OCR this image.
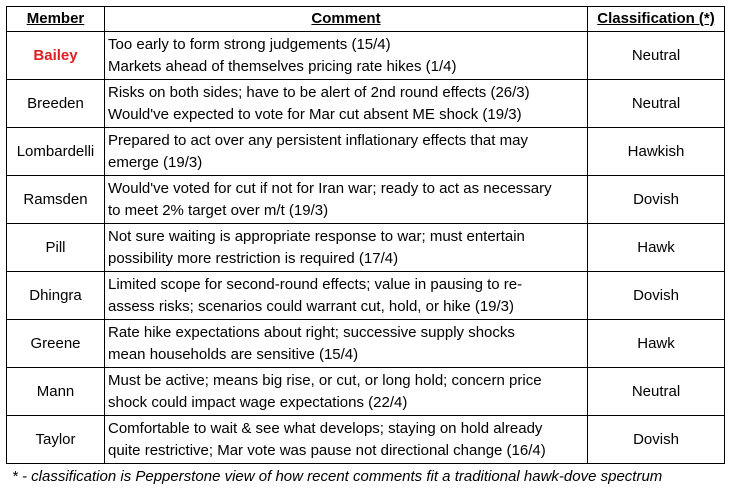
Member	Comment	Classification (*)
Bailey	Too early to form strong judgements (15/4)
Markets ahead of themselves pricing rate hikes (1/4)	Neutral
Breeden	Risks on both sides; have to be alert of 2nd round effects (26/3)
Would've expected to vote for Mar cut absent ME shock (19/3)	Neutral
Lombardelli	Prepared to act over any persistent inflationary effects that may
emerge (19/3)	Hawkish
Ramsden	Would've voted for cut if not for Iran war; ready to act as necessary
to meet 2% target over m/t (19/3)	Dovish
Pill	Not sure waiting is appropriate response to war; must entertain
possibility more restriction is required (17/4)	Hawk
Dhingra	Limited scope for second-round effects; value in pausing to re-
assess risks; scenarios could warrant cut, hold, or hike (19/3)	Dovish
Greene	Rate hike expectations about right; successive supply shocks
mean households are sensitive (15/4)	Hawk
Mann	Must be active; means big rise, or cut, or long hold; concern price
shock could impact wage expectations (22/4)	Neutral
Taylor	Comfortable to wait & see what develops; staying on hold already
quite restrictive; Mar vote was pause not directional change (16/4)	Dovish
* - classification is Pepperstone view of how recent comments fit a traditional hawk-dove spectrum
